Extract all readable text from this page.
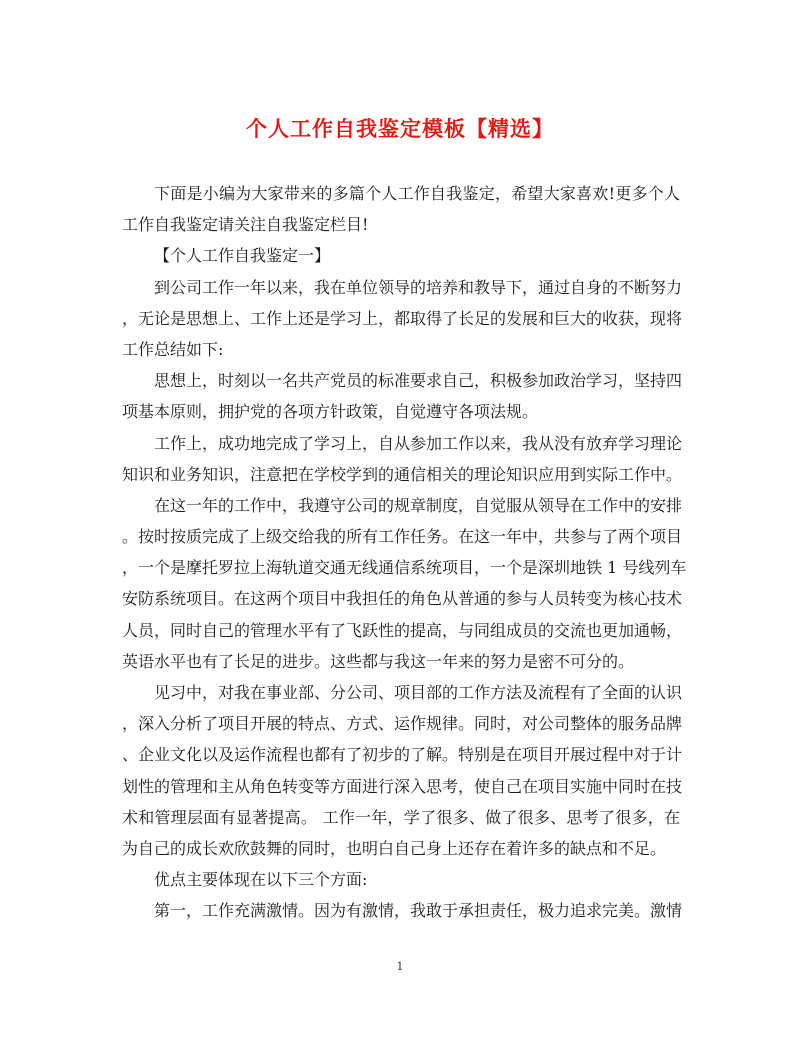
个人工作自我鉴定模板【精选】
下面是小编为大家带来的多篇个人工作自我鉴定，希望大家喜欢!更多个人
工作自我鉴定请关注自我鉴定栏目!
【个人工作自我鉴定一】
到公司工作一年以来，我在单位领导的培养和教导下，通过自身的不断努力
，无论是思想上、工作上还是学习上，都取得了长足的发展和巨大的收获，现将
工作总结如下:
思想上，时刻以一名共产党员的标准要求自己，积极参加政治学习，坚持四
项基本原则，拥护党的各项方针政策，自觉遵守各项法规。
工作上，成功地完成了学习上，自从参加工作以来，我从没有放弃学习理论
知识和业务知识，注意把在学校学到的通信相关的理论知识应用到实际工作中。
在这一年的工作中，我遵守公司的规章制度，自觉服从领导在工作中的安排
。按时按质完成了上级交给我的所有工作任务。在这一年中，共参与了两个项目
，一个是摩托罗拉上海轨道交通无线通信系统项目，一个是深圳地铁 1 号线列车
安防系统项目。在这两个项目中我担任的角色从普通的参与人员转变为核心技术
人员，同时自己的管理水平有了飞跃性的提高，与同组成员的交流也更加通畅，
英语水平也有了长足的进步。这些都与我这一年来的努力是密不可分的。
见习中，对我在事业部、分公司、项目部的工作方法及流程有了全面的认识
，深入分析了项目开展的特点、方式、运作规律。同时，对公司整体的服务品牌
、企业文化以及运作流程也都有了初步的了解。特别是在项目开展过程中对于计
划性的管理和主从角色转变等方面进行深入思考，使自己在项目实施中同时在技
术和管理层面有显著提高。 工作一年，学了很多、做了很多、思考了很多，在
为自己的成长欢欣鼓舞的同时，也明白自己身上还存在着许多的缺点和不足。
优点主要体现在以下三个方面:
第一，工作充满激情。因为有激情，我敢于承担责任，极力追求完美。激情
1
